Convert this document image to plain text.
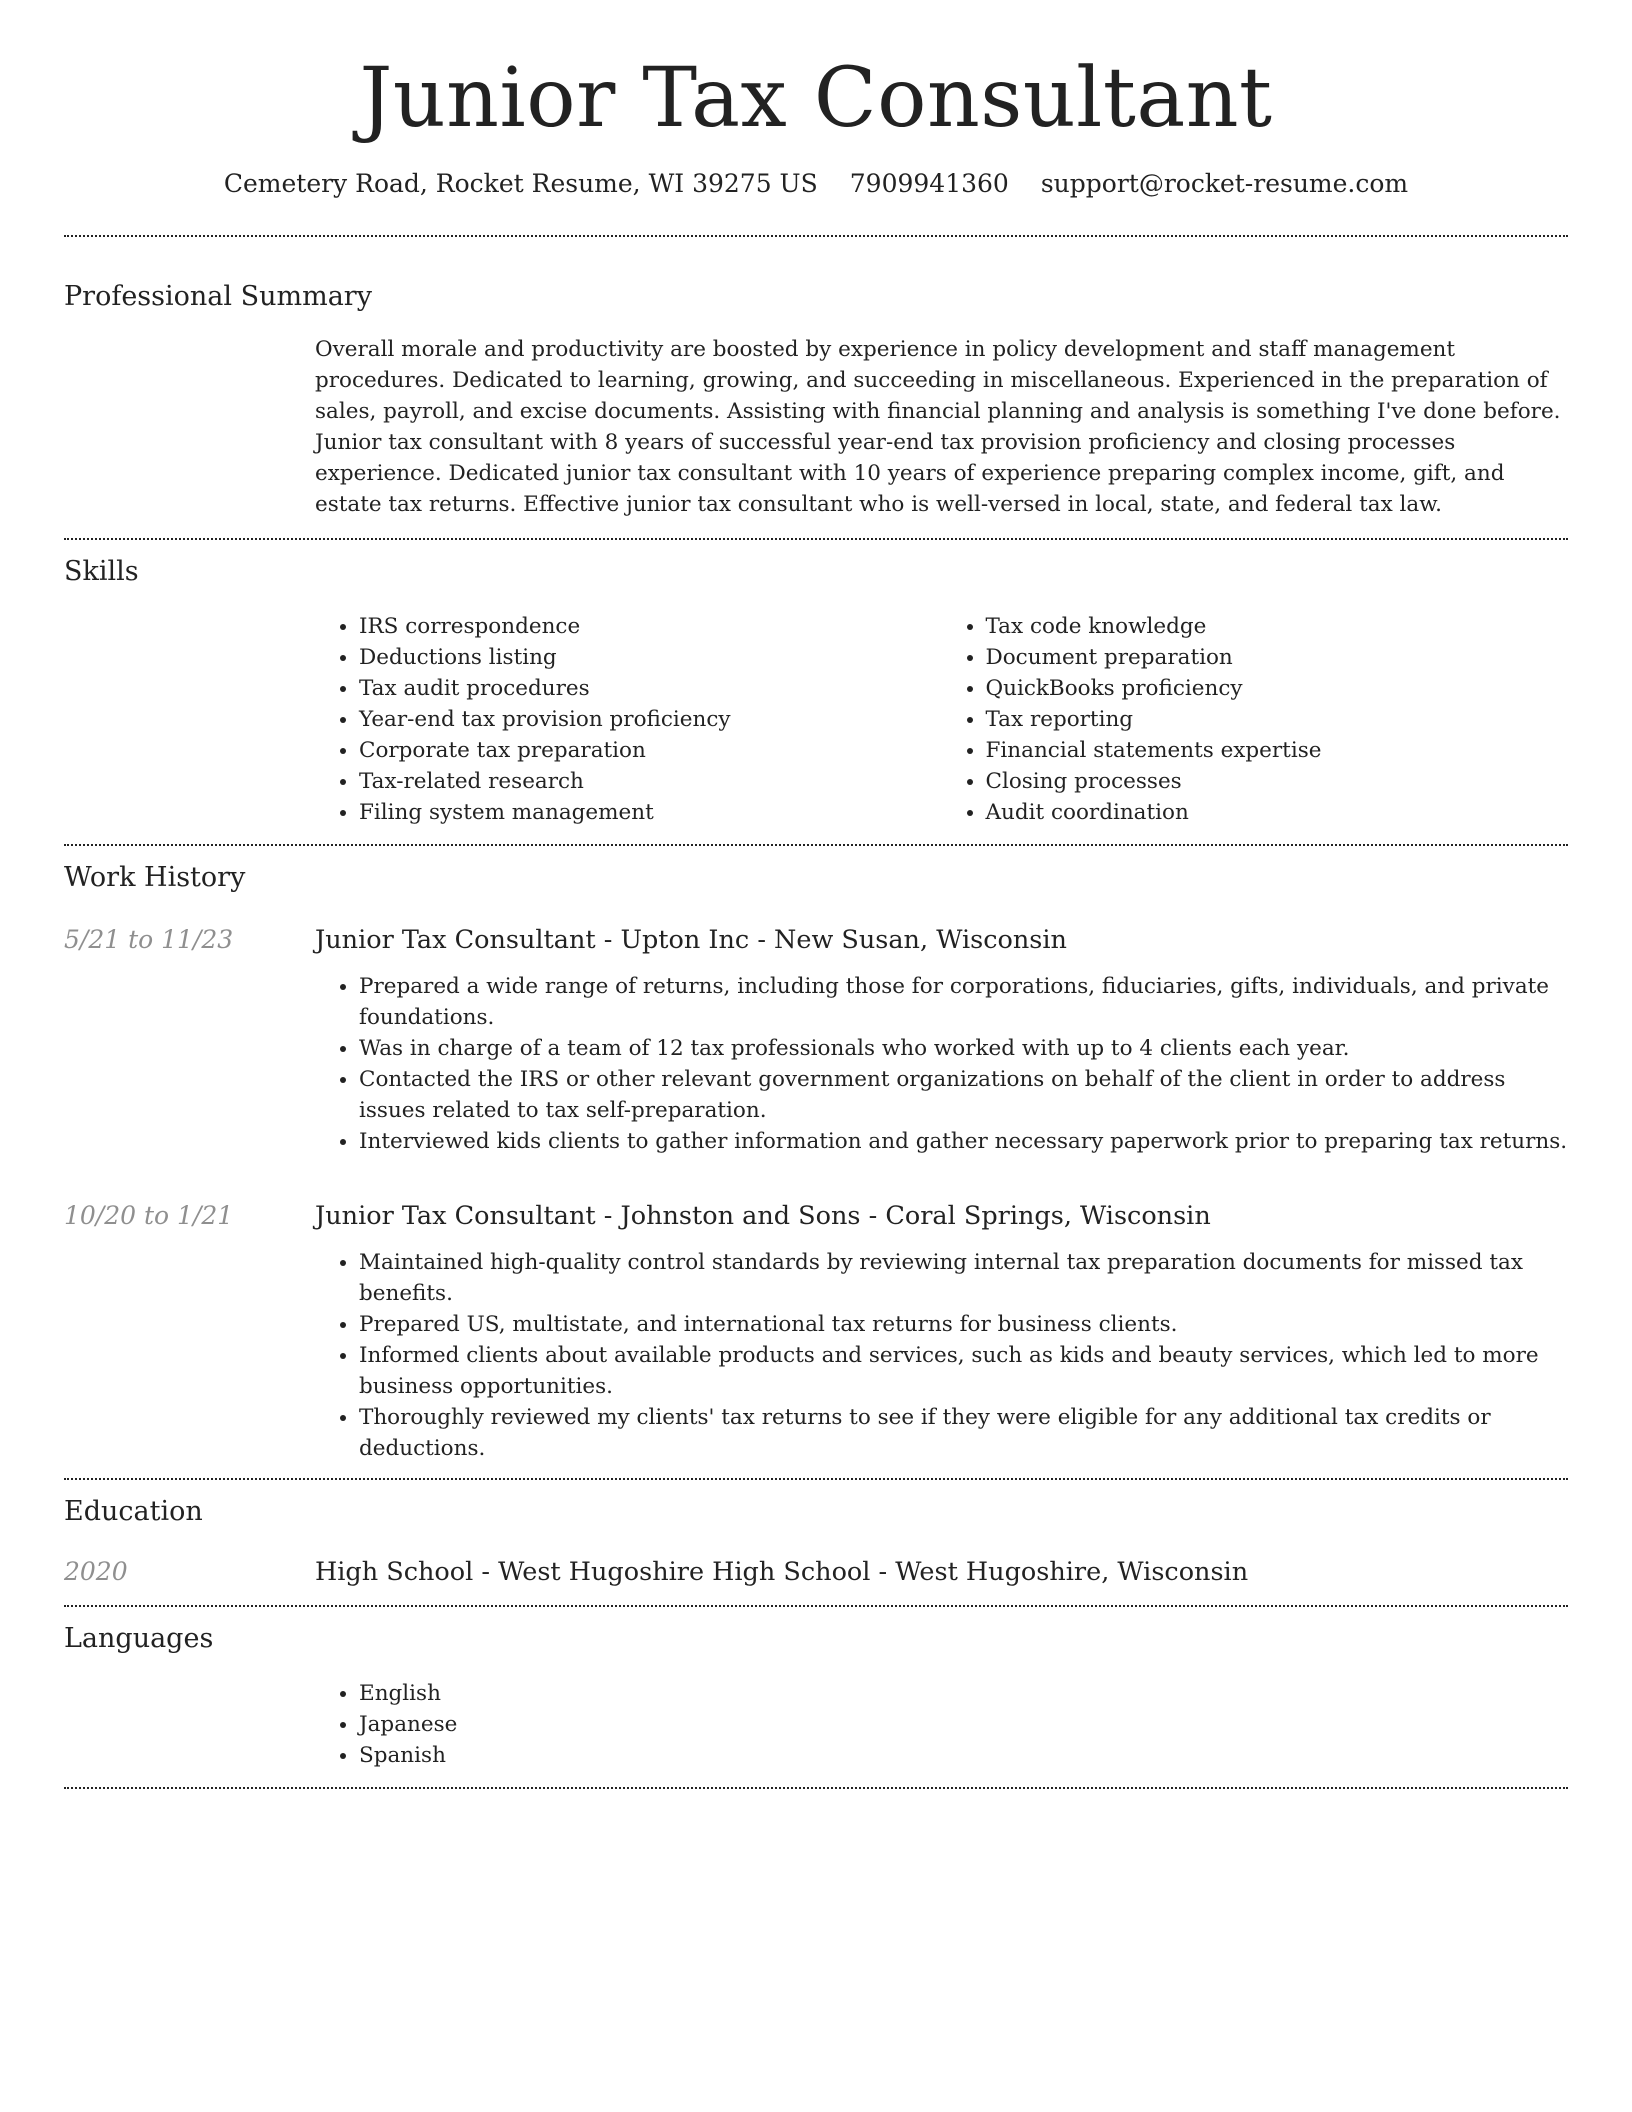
Junior Tax Consultant
Cemetery Road, Rocket Resume, WI 39275 US 7909941360 support@rocket-resume.com
Professional Summary
Overall morale and productivity are boosted by experience in policy development and staff management procedures. Dedicated to learning, growing, and succeeding in miscellaneous. Experienced in the preparation of sales, payroll, and excise documents. Assisting with financial planning and analysis is something I've done before. Junior tax consultant with 8 years of successful year-end tax provision proficiency and closing processes experience. Dedicated junior tax consultant with 10 years of experience preparing complex income, gift, and estate tax returns. Effective junior tax consultant who is well-versed in local, state, and federal tax law.
Skills
• IRS correspondence
• Deductions listing
• Tax audit procedures
• Year-end tax provision proficiency
• Corporate tax preparation
• Tax-related research
• Filing system management
• Tax code knowledge
• Document preparation
• QuickBooks proficiency
• Tax reporting
• Financial statements expertise
• Closing processes
• Audit coordination
Work History
5/21 to 11/23	Junior Tax Consultant - Upton Inc - New Susan, Wisconsin
• Prepared a wide range of returns, including those for corporations, fiduciaries, gifts, individuals, and private foundations.
• Was in charge of a team of 12 tax professionals who worked with up to 4 clients each year.
• Contacted the IRS or other relevant government organizations on behalf of the client in order to address issues related to tax self-preparation.
• Interviewed kids clients to gather information and gather necessary paperwork prior to preparing tax returns.
10/20 to 1/21	Junior Tax Consultant - Johnston and Sons - Coral Springs, Wisconsin
• Maintained high-quality control standards by reviewing internal tax preparation documents for missed tax benefits.
• Prepared US, multistate, and international tax returns for business clients.
• Informed clients about available products and services, such as kids and beauty services, which led to more business opportunities.
• Thoroughly reviewed my clients' tax returns to see if they were eligible for any additional tax credits or deductions.
Education
2020	High School - West Hugoshire High School - West Hugoshire, Wisconsin
Languages
• English
• Japanese
• Spanish
